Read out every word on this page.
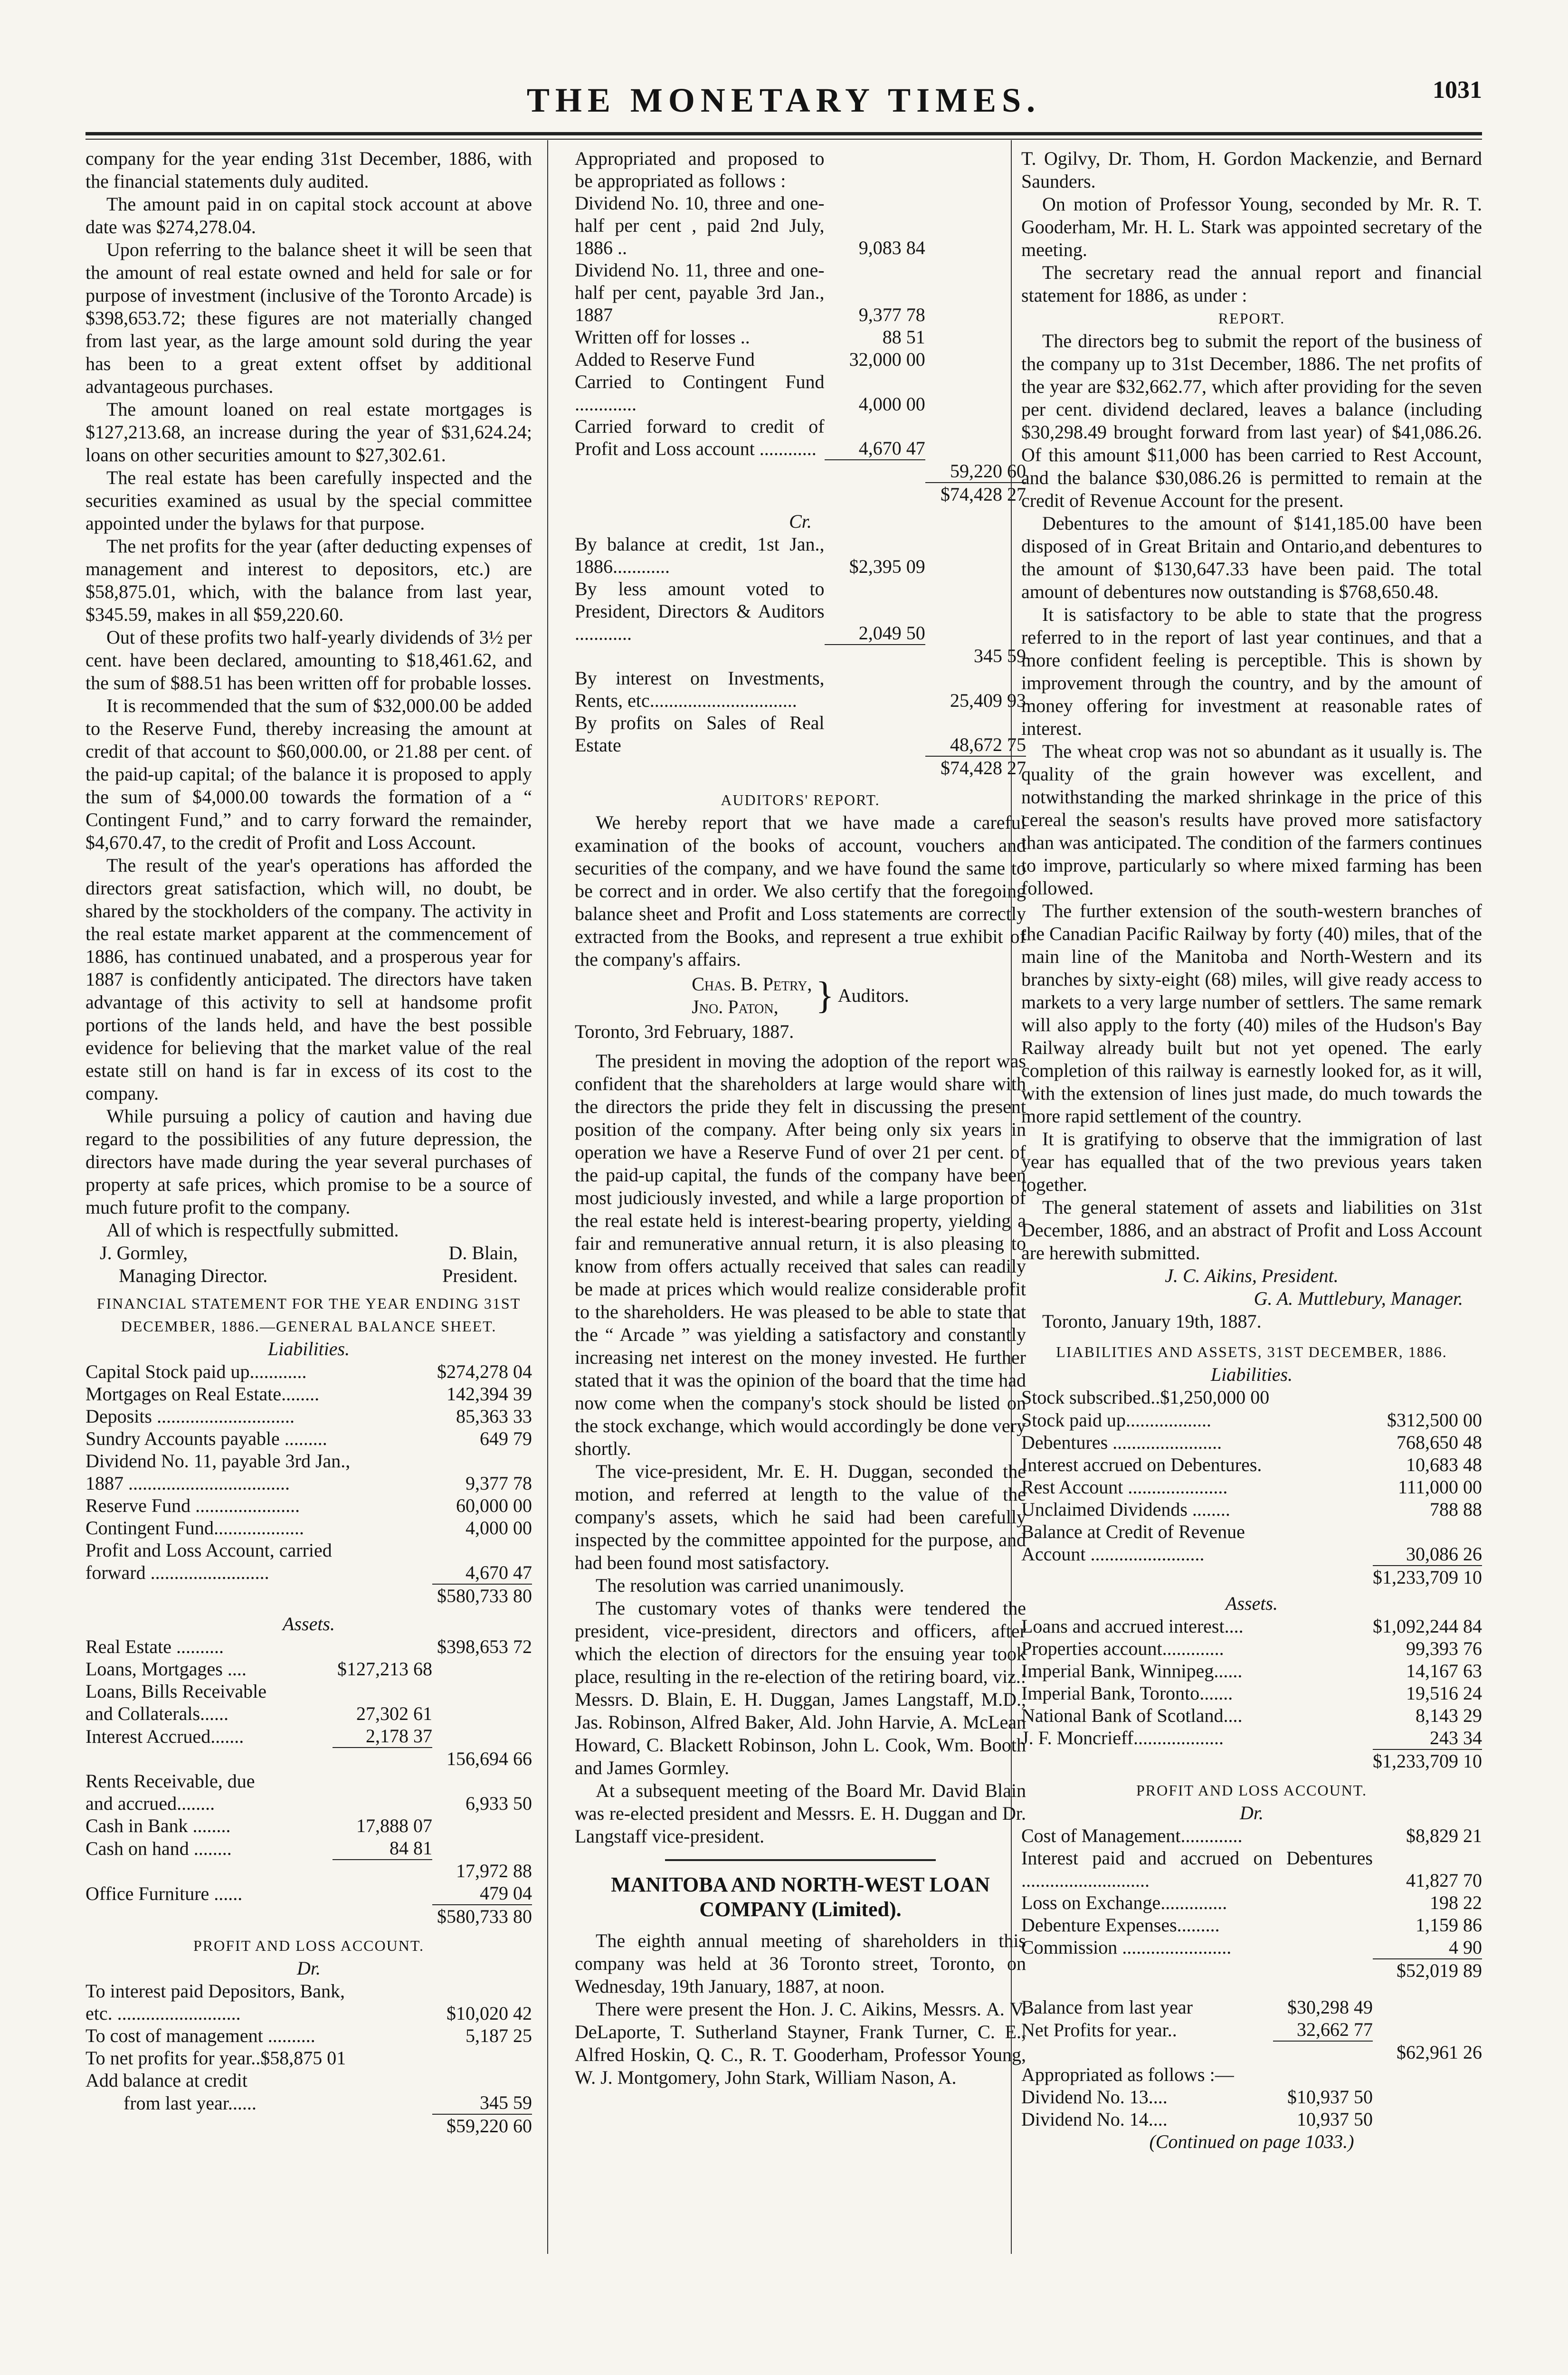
THE MONETARY TIMES.	1031

company for the year ending 31st December, 1886, with the financial statements duly audited.

The amount paid in on capital stock account at above date was $274,278.04.

Upon referring to the balance sheet it will be seen that the amount of real estate owned and held for sale or for purpose of investment (inclusive of the Toronto Arcade) is $398,653.72; these figures are not materially changed from last year, as the large amount sold during the year has been to a great extent offset by additional advantageous purchases.

The amount loaned on real estate mortgages is $127,213.68, an increase during the year of $31,624.24; loans on other securities amount to $27,302.61.

The real estate has been carefully inspected and the securities examined as usual by the special committee appointed under the bylaws for that purpose.

The net profits for the year (after deducting expenses of management and interest to depositors, etc.) are $58,875.01, which, with the balance from last year, $345.59, makes in all $59,220.60.

Out of these profits two half-yearly dividends of 3½ per cent. have been declared, amounting to $18,461.62, and the sum of $88.51 has been written off for probable losses.

It is recommended that the sum of $32,000.00 be added to the Reserve Fund, thereby increasing the amount at credit of that account to $60,000.00, or 21.88 per cent. of the paid-up capital; of the balance it is proposed to apply the sum of $4,000.00 towards the formation of a “ Contingent Fund,” and to carry forward the remainder, $4,670.47, to the credit of Profit and Loss Account.

The result of the year's operations has afforded the directors great satisfaction, which will, no doubt, be shared by the stockholders of the company. The activity in the real estate market apparent at the commencement of 1886, has continued unabated, and a prosperous year for 1887 is confidently anticipated. The directors have taken advantage of this activity to sell at handsome profit portions of the lands held, and have the best possible evidence for believing that the market value of the real estate still on hand is far in excess of its cost to the company.

While pursuing a policy of caution and having due regard to the possibilities of any future depression, the directors have made during the year several purchases of property at safe prices, which promise to be a source of much future profit to the company.

All of which is respectfully submitted.

J. Gormley,	D. Blain,
Managing Director.	President.
FINANCIAL STATEMENT FOR THE YEAR ENDING 31ST DECEMBER, 1886.—GENERAL BALANCE SHEET.
Liabilities.
Capital Stock paid up............	$274,278 04
Mortgages on Real Estate........	142,394 39
Deposits .............................	85,363 33
Sundry Accounts payable .........	649 79
Dividend No. 11, payable 3rd Jan.,	
1887 ..................................	9,377 78
Reserve Fund ......................	60,000 00
Contingent Fund...................	4,000 00
Profit and Loss Account, carried	
forward .........................	4,670 47
	$580,733 80
Assets.
Real Estate ..........		$398,653 72
Loans, Mortgages ....	$127,213 68	
Loans, Bills Receivable		
and Collaterals......	27,302 61	
Interest Accrued.......	2,178 37	
		156,694 66
Rents Receivable, due		
and accrued........		6,933 50
Cash in Bank ........	17,888 07	
Cash on hand ........	84 81	
		17,972 88
Office Furniture ......		479 04
		$580,733 80
PROFIT AND LOSS ACCOUNT.
Dr.
To interest paid Depositors, Bank,	
etc. ..........................	$10,020 42
To cost of management ..........	5,187 25
To net profits for year..$58,875 01	
Add balance at credit	
from last year......	345 59
	$59,220 60
Appropriated and proposed to be appropriated as follows :		
Dividend No. 10, three and one-half per cent , paid 2nd July, 1886 ..	9,083 84	
Dividend No. 11, three and one-half per cent, payable 3rd Jan., 1887	9,377 78	
Written off for losses ..	88 51	
Added to Reserve Fund	32,000 00	
Carried to Contingent Fund .............	4,000 00	
Carried forward to credit of Profit and Loss account ............	4,670 47	
		59,220 60
		$74,428 27
Cr.
By balance at credit, 1st Jan., 1886............	$2,395 09	
By less amount voted to President, Directors & Auditors ............	2,049 50	
		345 59
By interest on Investments, Rents, etc...............................		25,409 93
By profits on Sales of Real Estate		48,672 75
		$74,428 27
AUDITORS' REPORT.

We hereby report that we have made a careful examination of the books of account, vouchers and securities of the company, and we have found the same to be correct and in order. We also certify that the foregoing balance sheet and Profit and Loss statements are correctly extracted from the Books, and represent a true exhibit of the company's affairs.

Chas. B. Petry,
Jno. Paton, } Auditors.

Toronto, 3rd February, 1887.

The president in moving the adoption of the report was confident that the shareholders at large would share with the directors the pride they felt in discussing the present position of the company. After being only six years in operation we have a Reserve Fund of over 21 per cent. of the paid-up capital, the funds of the company have been most judiciously invested, and while a large proportion of the real estate held is interest-bearing property, yielding a fair and remunerative annual return, it is also pleasing to know from offers actually received that sales can readily be made at prices which would realize considerable profit to the shareholders. He was pleased to be able to state that the “ Arcade ” was yielding a satisfactory and constantly increasing net interest on the money invested. He further stated that it was the opinion of the board that the time had now come when the company's stock should be listed on the stock exchange, which would accordingly be done very shortly.

The vice-president, Mr. E. H. Duggan, seconded the motion, and referred at length to the value of the company's assets, which he said had been carefully inspected by the committee appointed for the purpose, and had been found most satisfactory.

The resolution was carried unanimously.

The customary votes of thanks were tendered the president, vice-president, directors and officers, after which the election of directors for the ensuing year took place, resulting in the re-election of the retiring board, viz.: Messrs. D. Blain, E. H. Duggan, James Langstaff, M.D., Jas. Robinson, Alfred Baker, Ald. John Harvie, A. McLean Howard, C. Blackett Robinson, John L. Cook, Wm. Booth and James Gormley.

At a subsequent meeting of the Board Mr. David Blain was re-elected president and Messrs. E. H. Duggan and Dr. Langstaff vice-president.

MANITOBA AND NORTH-WEST LOAN COMPANY (Limited).

The eighth annual meeting of shareholders in this company was held at 36 Toronto street, Toronto, on Wednesday, 19th January, 1887, at noon.

There were present the Hon. J. C. Aikins, Messrs. A. V. DeLaporte, T. Sutherland Stayner, Frank Turner, C. E., Alfred Hoskin, Q. C., R. T. Gooderham, Professor Young, W. J. Montgomery, John Stark, William Nason, A.

T. Ogilvy, Dr. Thom, H. Gordon Mackenzie, and Bernard Saunders.

On motion of Professor Young, seconded by Mr. R. T. Gooderham, Mr. H. L. Stark was appointed secretary of the meeting.

The secretary read the annual report and financial statement for 1886, as under :

REPORT.

The directors beg to submit the report of the business of the company up to 31st December, 1886. The net profits of the year are $32,662.77, which after providing for the seven per cent. dividend declared, leaves a balance (including $30,298.49 brought forward from last year) of $41,086.26. Of this amount $11,000 has been carried to Rest Account, and the balance $30,086.26 is permitted to remain at the credit of Revenue Account for the present.

Debentures to the amount of $141,185.00 have been disposed of in Great Britain and Ontario,and debentures to the amount of $130,647.33 have been paid. The total amount of debentures now outstanding is $768,650.48.

It is satisfactory to be able to state that the progress referred to in the report of last year continues, and that a more confident feeling is perceptible. This is shown by improvement through the country, and by the amount of money offering for investment at reasonable rates of interest.

The wheat crop was not so abundant as it usually is. The quality of the grain however was excellent, and notwithstanding the marked shrinkage in the price of this cereal the season's results have proved more satisfactory than was anticipated. The condition of the farmers continues to improve, particularly so where mixed farming has been followed.

The further extension of the south-western branches of the Canadian Pacific Railway by forty (40) miles, that of the main line of the Manitoba and North-Western and its branches by sixty-eight (68) miles, will give ready access to markets to a very large number of settlers. The same remark will also apply to the forty (40) miles of the Hudson's Bay Railway already built but not yet opened. The early completion of this railway is earnestly looked for, as it will, with the extension of lines just made, do much towards the more rapid settlement of the country.

It is gratifying to observe that the immigration of last year has equalled that of the two previous years taken together.

The general statement of assets and liabilities on 31st December, 1886, and an abstract of Profit and Loss Account are herewith submitted.

J. C. Aikins, President.
G. A. Muttlebury, Manager.
Toronto, January 19th, 1887.
LIABILITIES AND ASSETS, 31ST DECEMBER, 1886.
Liabilities.
Stock subscribed..$1,250,000 00
Stock paid up..................	$312,500 00
Debentures .......................	768,650 48
Interest accrued on Debentures.	10,683 48
Rest Account .....................	111,000 00
Unclaimed Dividends ........	788 88
Balance at Credit of Revenue	
Account ........................	30,086 26
	$1,233,709 10
Assets.
Loans and accrued interest....	$1,092,244 84
Properties account.............	99,393 76
Imperial Bank, Winnipeg......	14,167 63
Imperial Bank, Toronto.......	19,516 24
National Bank of Scotland....	8,143 29
J. F. Moncrieff...................	243 34
	$1,233,709 10
PROFIT AND LOSS ACCOUNT.
Dr.
Cost of Management.............	$8,829 21
Interest paid and accrued on Debentures ...........................	41,827 70
Loss on Exchange..............	198 22
Debenture Expenses.........	1,159 86
Commission .......................	4 90
	$52,019 89
Balance from last year	$30,298 49	
Net Profits for year..	32,662 77	
		$62,961 26
Appropriated as follows :—		
Dividend No. 13....	$10,937 50	
Dividend No. 14....	10,937 50	
(Continued on page 1033.)
